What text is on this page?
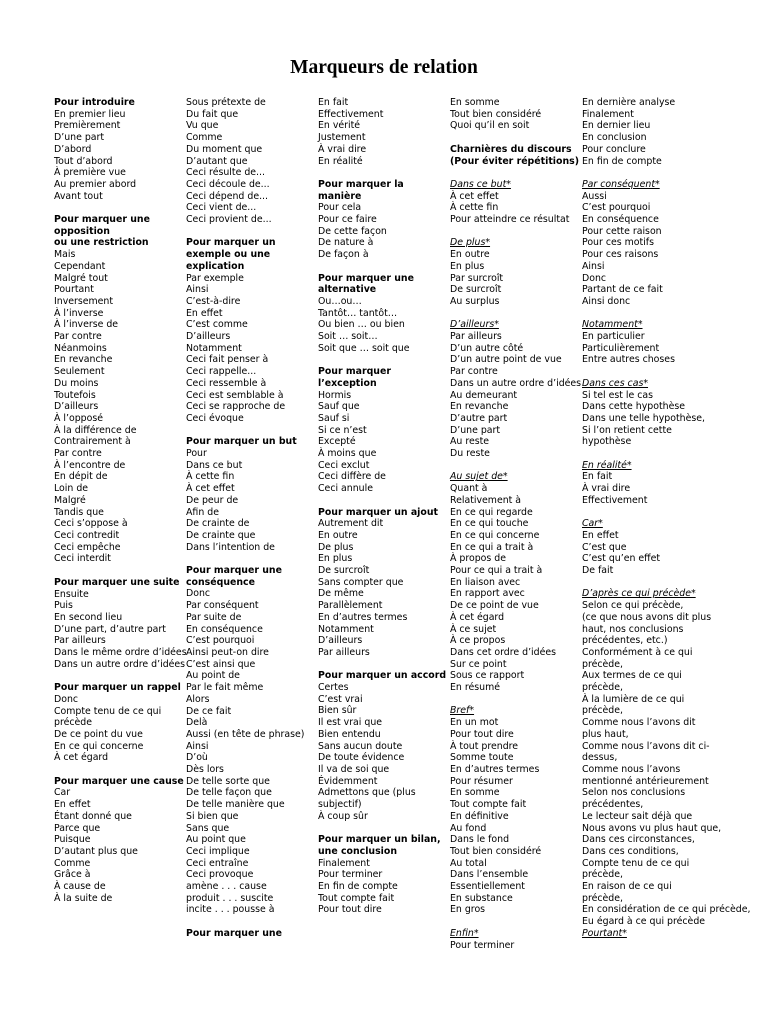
Marqueurs de relation
Pour introduire
En premier lieu
Premièrement
D’une part
D’abord
Tout d’abord
À première vue
Au premier abord
Avant tout
Pour marquer une opposition
ou une restriction
Mais
Cependant
Malgré tout
Pourtant
Inversement
À l’inverse
À l’inverse de
Par contre
Néanmoins
En revanche
Seulement
Du moins
Toutefois
D’ailleurs
À l’opposé
À la différence de
Contrairement à
Par contre
À l’encontre de
En dépit de
Loin de
Malgré
Tandis que
Ceci s’oppose à
Ceci contredit
Ceci empêche
Ceci interdit
Pour marquer une suite
Ensuite
Puis
En second lieu
D’une part, d’autre part
Par ailleurs
Dans le même ordre d’idées
Dans un autre ordre d’idées
Pour marquer un rappel
Donc
Compte tenu de ce qui précède
De ce point du vue
En ce qui concerne
À cet égard
Pour marquer une cause
Car
En effet
Étant donné que
Parce que
Puisque
D’autant plus que
Comme
Grâce à
À cause de
À la suite de
Sous prétexte de
Du fait que
Vu que
Comme
Du moment que
D’autant que
Ceci résulte de...
Ceci découle de...
Ceci dépend de...
Ceci vient de...
Ceci provient de...
Pour marquer un exemple ou une explication
Par exemple
Ainsi
C’est-à-dire
En effet
C’est comme
D’ailleurs
Notamment
Ceci fait penser à
Ceci rappelle...
Ceci ressemble à
Ceci est semblable à
Ceci se rapproche de
Ceci évoque
Pour marquer un but
Pour
Dans ce but
À cette fin
À cet effet
De peur de
Afin de
De crainte de
De crainte que
Dans l’intention de
Pour marquer une conséquence
Donc
Par conséquent
Par suite de
En conséquence
C’est pourquoi
Ainsi peut-on dire
C’est ainsi que
Au point de
Par le fait même
Alors
De ce fait
Delà
Aussi (en tête de phrase)
Ainsi
D’où
Dès lors
De telle sorte que
De telle façon que
De telle manière que
Si bien que
Sans que
Au point que
Ceci implique
Ceci entraîne
Ceci provoque
amène . . . cause
produit . . . suscite
incite . . . pousse à
Pour marquer une
En fait
Effectivement
En vérité
Justement
À vrai dire
En réalité
Pour marquer la manière
Pour cela
Pour ce faire
De cette façon
De nature à
De façon à
Pour marquer une alternative
Ou…ou…
Tantôt… tantôt…
Ou bien … ou bien
Soit … soit…
Soit que … soit que
Pour marquer l’exception
Hormis
Sauf que
Sauf si
Si ce n’est
Excepté
À moins que
Ceci exclut
Ceci diffère de
Ceci annule
Pour marquer un ajout
Autrement dit
En outre
De plus
En plus
De surcroît
Sans compter que
De même
Parallèlement
En d’autres termes
Notamment
D’ailleurs
Par ailleurs
Pour marquer un accord
Certes
C’est vrai
Bien sûr
Il est vrai que
Bien entendu
Sans aucun doute
De toute évidence
Il va de soi que
Évidemment
Admettons que (plus subjectif)
À coup sûr
Pour marquer un bilan, une conclusion
Finalement
Pour terminer
En fin de compte
Tout compte fait
Pour tout dire
En somme
Tout bien considéré
Quoi qu’il en soit
Charnières du discours (Pour éviter répétitions)
Dans ce but*
À cet effet
À cette fin
Pour atteindre ce résultat
De plus*
En outre
En plus
Par surcroît
De surcroît
Au surplus
D’ailleurs*
Par ailleurs
D’un autre côté
D’un autre point de vue
Par contre
Dans un autre ordre d’idées
Au demeurant
En revanche
D’autre part
D’une part
Au reste
Du reste
Au sujet de*
Quant à
Relativement à
En ce qui regarde
En ce qui touche
En ce qui concerne
En ce qui a trait à
À propos de
Pour ce qui a trait à
En liaison avec
En rapport avec
De ce point de vue
À cet égard
À ce sujet
À ce propos
Dans cet ordre d’idées
Sur ce point
Sous ce rapport
En résumé
Bref*
En un mot
Pour tout dire
À tout prendre
Somme toute
En d’autres termes
Pour résumer
En somme
Tout compte fait
En définitive
Au fond
Dans le fond
Tout bien considéré
Au total
Dans l’ensemble
Essentiellement
En substance
En gros
Enfin*
Pour terminer
En dernière analyse
Finalement
En dernier lieu
En conclusion
Pour conclure
En fin de compte
Par conséquent*
Aussi
C’est pourquoi
En conséquence
Pour cette raison
Pour ces motifs
Pour ces raisons
Ainsi
Donc
Partant de ce fait
Ainsi donc
Notamment*
En particulier
Particulièrement
Entre autres choses
Dans ces cas*
Si tel est le cas
Dans cette hypothèse
Dans une telle hypothèse,
Si l’on retient cette hypothèse
En réalité*
En fait
À vrai dire
Effectivement
Car*
En effet
C’est que
C’est qu’en effet
De fait
D’après ce qui précède*
Selon ce qui précède,
(ce que nous avons dit plus haut, nos conclusions précédentes, etc.)
Conformément à ce qui précède,
Aux termes de ce qui précède,
À la lumière de ce qui précède,
Comme nous l’avons dit plus haut,
Comme nous l’avons dit ci-dessus,
Comme nous l’avons mentionné antérieurement
Selon nos conclusions précédentes,
Le lecteur sait déjà que
Nous avons vu plus haut que,
Dans ces circonstances,
Dans ces conditions,
Compte tenu de ce qui précède,
En raison de ce qui précède,
En considération de ce qui précède,
Eu égard à ce qui précède
Pourtant*
